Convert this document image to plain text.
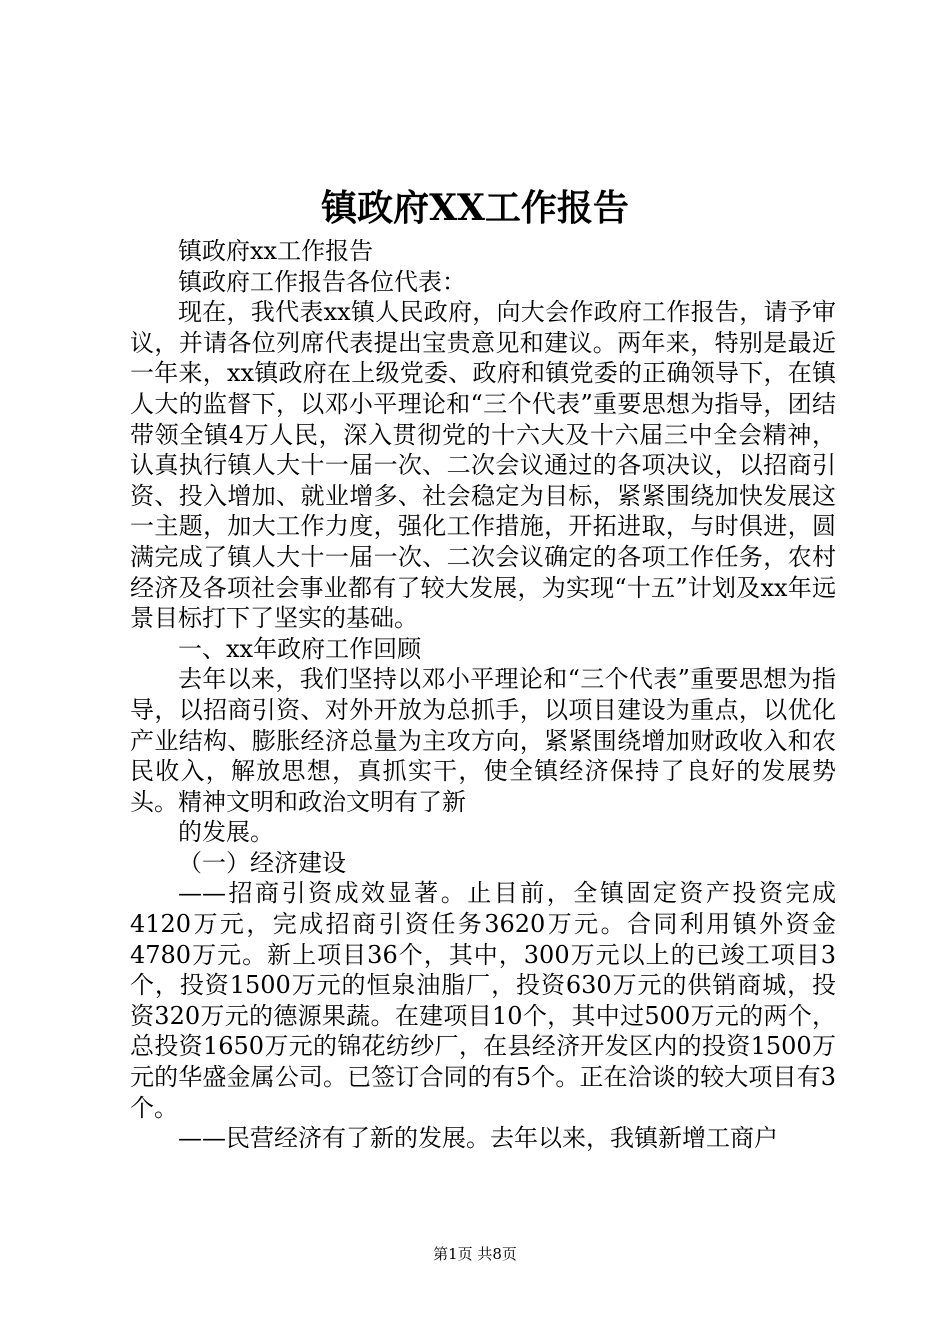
镇政府XX工作报告

镇政府xx工作报告

镇政府工作报告各位代表：

现在，我代表xx镇人民政府，向大会作政府工作报告，请予审议，并请各位列席代表提出宝贵意见和建议。两年来，特别是最近一年来，xx镇政府在上级党委、政府和镇党委的正确领导下，在镇人大的监督下，以邓小平理论和“三个代表”重要思想为指导，团结带领全镇4万人民，深入贯彻党的十六大及十六届三中全会精神，认真执行镇人大十一届一次、二次会议通过的各项决议，以招商引资、投入增加、就业增多、社会稳定为目标，紧紧围绕加快发展这一主题，加大工作力度，强化工作措施，开拓进取，与时俱进，圆满完成了镇人大十一届一次、二次会议确定的各项工作任务，农村经济及各项社会事业都有了较大发展，为实现“十五”计划及xx年远景目标打下了坚实的基础。

一、xx年政府工作回顾

去年以来，我们坚持以邓小平理论和“三个代表”重要思想为指导，以招商引资、对外开放为总抓手，以项目建设为重点，以优化产业结构、膨胀经济总量为主攻方向，紧紧围绕增加财政收入和农民收入，解放思想，真抓实干，使全镇经济保持了良好的发展势头。精神文明和政治文明有了新

的发展。

（一）经济建设

——招商引资成效显著。止目前，全镇固定资产投资完成4120万元，完成招商引资任务3620万元。合同利用镇外资金4780万元。新上项目36个，其中，300万元以上的已竣工项目3个，投资1500万元的恒泉油脂厂，投资630万元的供销商城，投资320万元的德源果蔬。在建项目10个，其中过500万元的两个，总投资1650万元的锦花纺纱厂，在县经济开发区内的投资1500万元的华盛金属公司。已签订合同的有5个。正在洽谈的较大项目有3个。

——民营经济有了新的发展。去年以来，我镇新增工商户

第1页 共8页
